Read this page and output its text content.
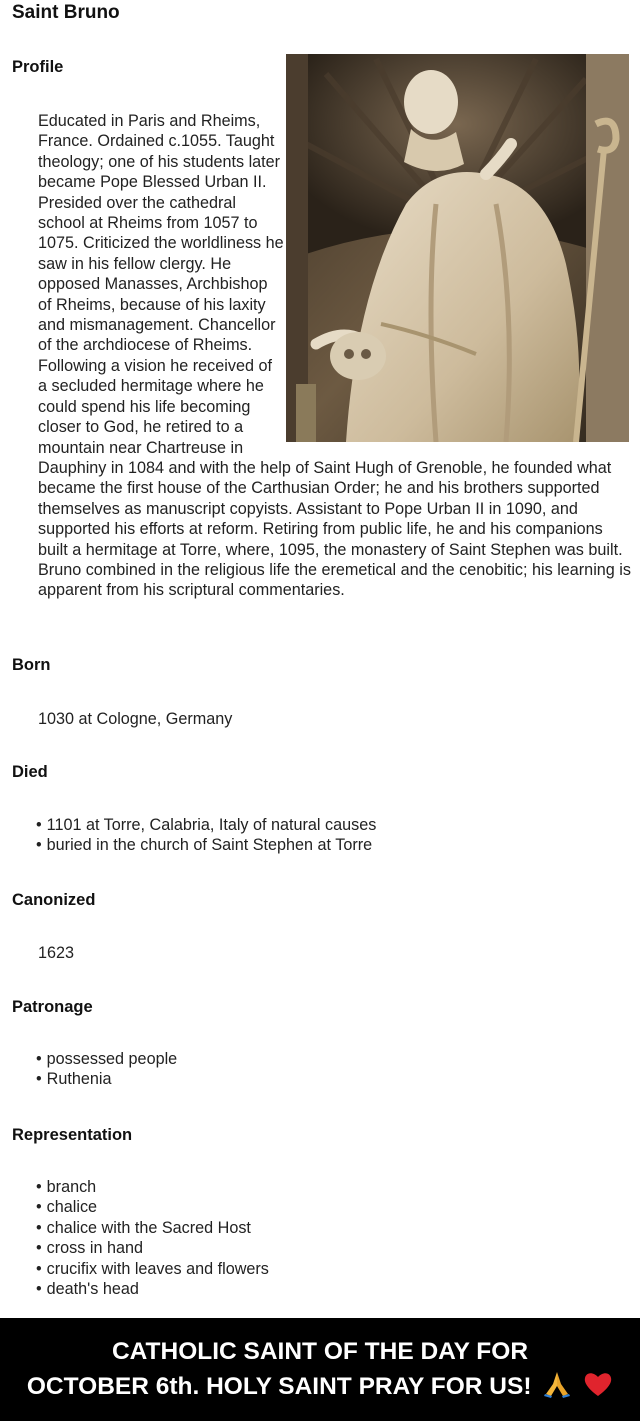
Saint Bruno
Profile
Educated in Paris and Rheims, France. Ordained c.1055. Taught theology; one of his students later became Pope Blessed Urban II. Presided over the cathedral school at Rheims from 1057 to 1075. Criticized the worldliness he saw in his fellow clergy. He opposed Manasses, Archbishop of Rheims, because of his laxity and mismanagement. Chancellor of the archdiocese of Rheims. Following a vision he received of a secluded hermitage where he could spend his life becoming closer to God, he retired to a mountain near Chartreuse in Dauphiny in 1084 and with the help of Saint Hugh of Grenoble, he founded what became the first house of the Carthusian Order; he and his brothers supported themselves as manuscript copyists. Assistant to Pope Urban II in 1090, and supported his efforts at reform. Retiring from public life, he and his companions built a hermitage at Torre, where, 1095, the monastery of Saint Stephen was built. Bruno combined in the religious life the eremetical and the cenobitic; his learning is apparent from his scriptural commentaries.
Born

1030 at Cologne, Germany

Died
• 1101 at Torre, Calabria, Italy of natural causes
• buried in the church of Saint Stephen at Torre
Canonized

1623

Patronage
• possessed people
• Ruthenia
Representation
• branch
• chalice
• chalice with the Sacred Host
• cross in hand
• crucifix with leaves and flowers
• death's head
CATHOLIC SAINT OF THE DAY FOR
OCTOBER 6th. HOLY SAINT PRAY FOR US!
